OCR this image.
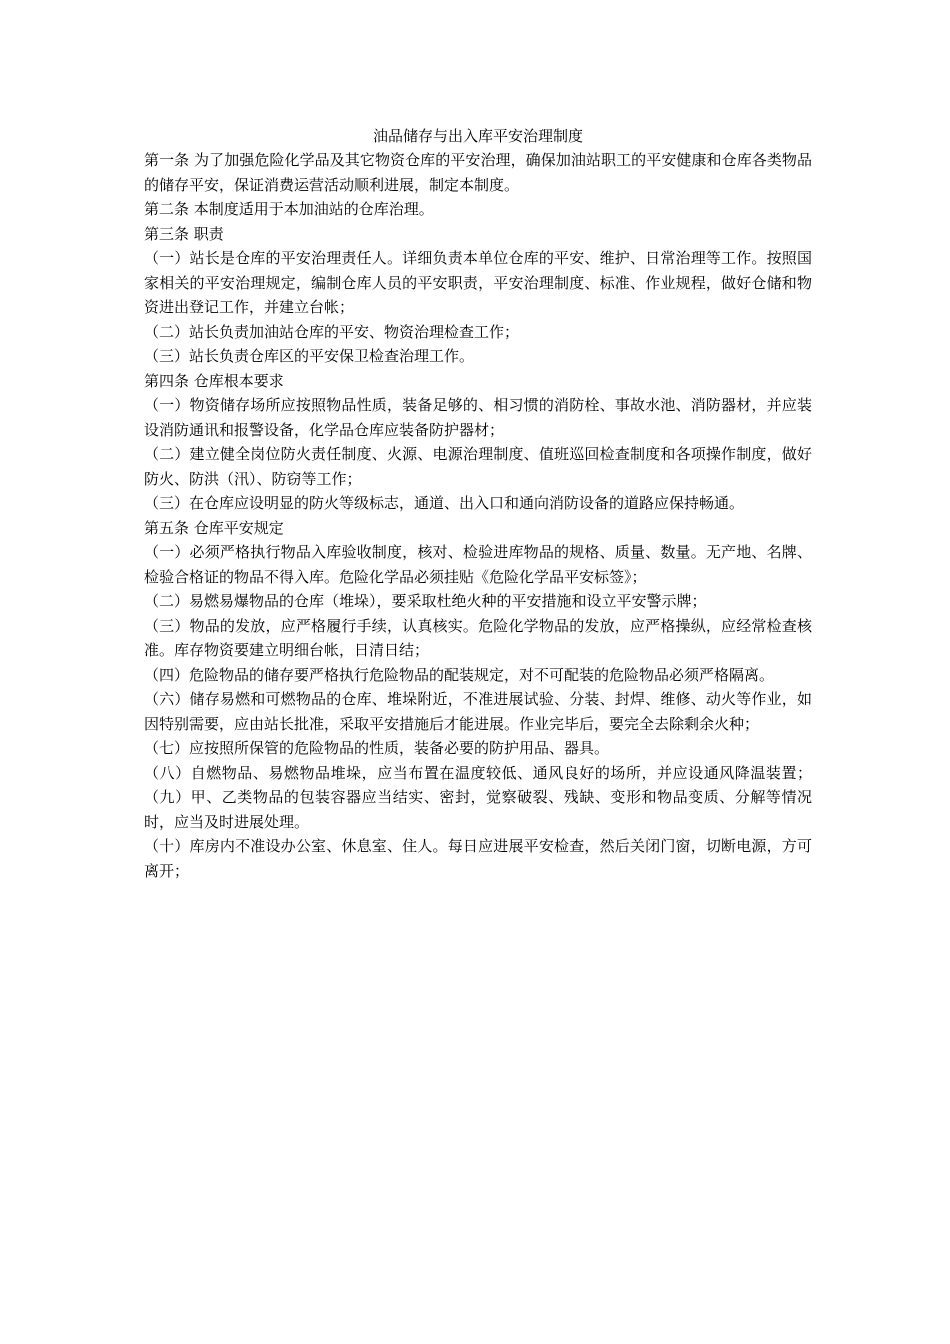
油品储存与出入库平安治理制度

第一条 为了加强危险化学品及其它物资仓库的平安治理，确保加油站职工的平安健康和仓库各类物品的储存平安，保证消费运营活动顺利进展，制定本制度。

第二条 本制度适用于本加油站的仓库治理。

第三条 职责

（一）站长是仓库的平安治理责任人。详细负责本单位仓库的平安、维护、日常治理等工作。按照国家相关的平安治理规定，编制仓库人员的平安职责，平安治理制度、标准、作业规程，做好仓储和物资进出登记工作，并建立台帐；

（二）站长负责加油站仓库的平安、物资治理检查工作；

（三）站长负责仓库区的平安保卫检查治理工作。

第四条 仓库根本要求

（一）物资储存场所应按照物品性质，装备足够的、相习惯的消防栓、事故水池、消防器材，并应装设消防通讯和报警设备，化学品仓库应装备防护器材；

（二）建立健全岗位防火责任制度、火源、电源治理制度、值班巡回检查制度和各项操作制度，做好防火、防洪（汛）、防窃等工作；

（三）在仓库应设明显的防火等级标志，通道、出入口和通向消防设备的道路应保持畅通。

第五条 仓库平安规定

（一）必须严格执行物品入库验收制度，核对、检验进库物品的规格、质量、数量。无产地、名牌、检验合格证的物品不得入库。危险化学品必须挂贴《危险化学品平安标签》；

（二）易燃易爆物品的仓库（堆垛），要采取杜绝火种的平安措施和设立平安警示牌；

（三）物品的发放，应严格履行手续，认真核实。危险化学物品的发放，应严格操纵，应经常检查核准。库存物资要建立明细台帐，日清日结；

（四）危险物品的储存要严格执行危险物品的配装规定，对不可配装的危险物品必须严格隔离。

（六）储存易燃和可燃物品的仓库、堆垛附近，不准进展试验、分装、封焊、维修、动火等作业，如因特别需要，应由站长批准，采取平安措施后才能进展。作业完毕后，要完全去除剩余火种；

（七）应按照所保管的危险物品的性质，装备必要的防护用品、器具。

（八）自燃物品、易燃物品堆垛，应当布置在温度较低、通风良好的场所，并应设通风降温装置； （九）甲、乙类物品的包装容器应当结实、密封，觉察破裂、残缺、变形和物品变质、分解等情况时，应当及时进展处理。

（十）库房内不准设办公室、休息室、住人。每日应进展平安检查，然后关闭门窗，切断电源，方可离开；
